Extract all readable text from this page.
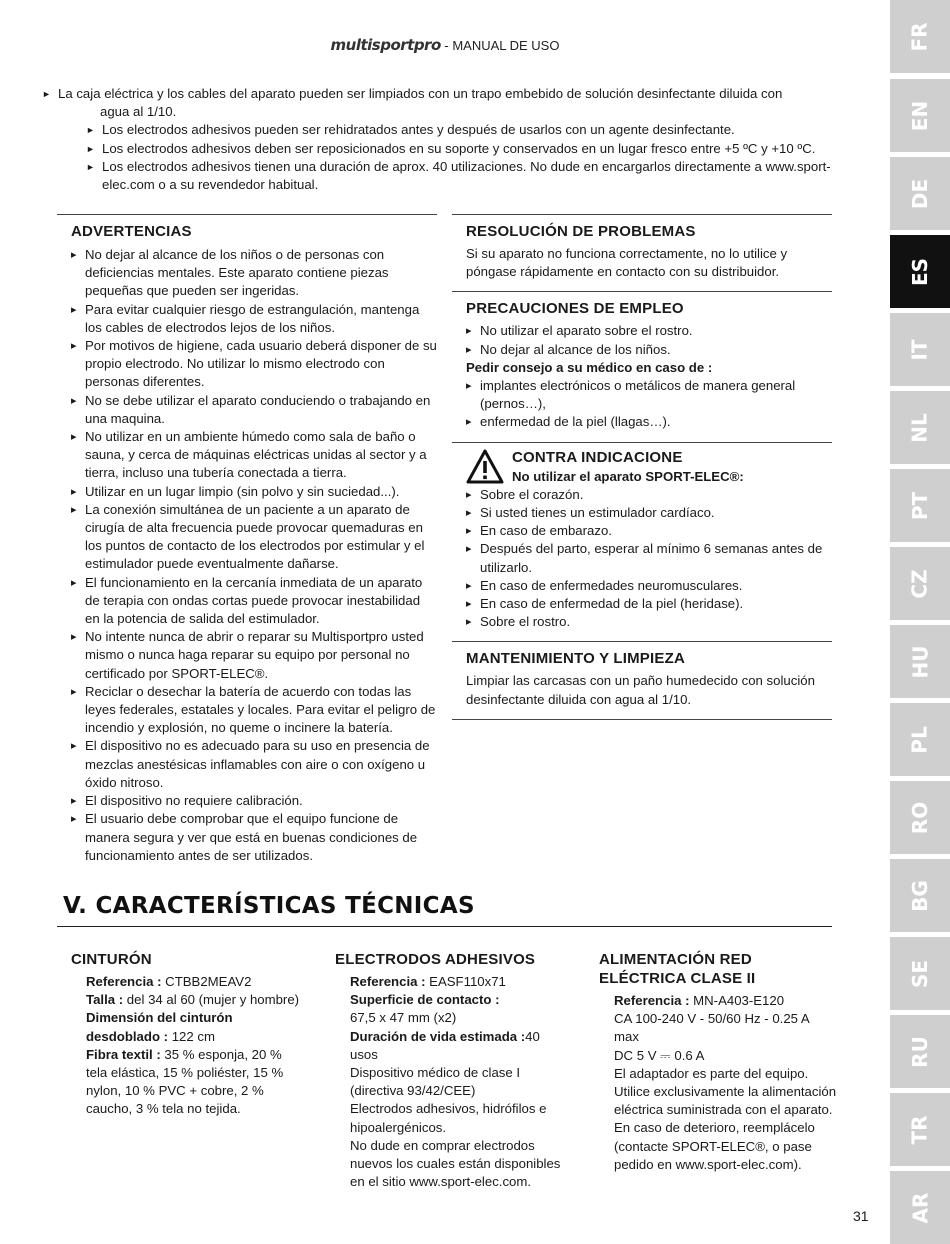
multisportpro - MANUAL DE USO	FR
EN
DE
ES
IT
NL
PT
CZ
HU
PL
RO
BG
SE
RU
TR
AR
► La caja eléctrica y los cables del aparato pueden ser limpiados con un trapo embebido de solución desinfectante diluida con
agua al 1/10.
► Los electrodos adhesivos pueden ser rehidratados antes y después de usarlos con un agente desinfectante.
► Los electrodos adhesivos deben ser reposicionados en su soporte y conservados en un lugar fresco entre +5 ºC y +10 ºC.
► Los electrodos adhesivos tienen una duración de aprox. 40 utilizaciones. No dude en encargarlos directamente a www.sport-elec.com o a su revendedor habitual.
ADVERTENCIAS
▸ No dejar al alcance de los niños o de personas con deficiencias mentales. Este aparato contiene piezas pequeñas que pueden ser ingeridas.
▸ Para evitar cualquier riesgo de estrangulación, mantenga los cables de electrodos lejos de los niños.
▸ Por motivos de higiene, cada usuario deberá disponer de su propio electrodo. No utilizar lo mismo electrodo con personas diferentes.
▸ No se debe utilizar el aparato conduciendo o trabajando en una maquina.
▸ No utilizar en un ambiente húmedo como sala de baño o sauna, y cerca de máquinas eléctricas unidas al sector y a tierra, incluso una tubería conectada a tierra.
▸ Utilizar en un lugar limpio (sin polvo y sin suciedad...).
▸ La conexión simultánea de un paciente a un aparato de cirugía de alta frecuencia puede provocar quemaduras en los puntos de contacto de los electrodos por estimular y el estimulador puede eventualmente dañarse.
▸ El funcionamiento en la cercanía inmediata de un aparato de terapia con ondas cortas puede provocar inestabilidad en la potencia de salida del estimulador.
▸ No intente nunca de abrir o reparar su Multisportpro usted mismo o nunca haga reparar su equipo por personal no certificado por SPORT-ELEC®.
▸ Reciclar o desechar la batería de acuerdo con todas las leyes federales, estatales y locales. Para evitar el peligro de incendio y explosión, no queme o incinere la batería.
▸ El dispositivo no es adecuado para su uso en presencia de mezclas anestésicas inflamables con aire o con oxígeno u óxido nitroso.
▸ El dispositivo no requiere calibración.
▸ El usuario debe comprobar que el equipo funcione de manera segura y ver que está en buenas condiciones de funcionamiento antes de ser utilizados.
RESOLUCIÓN DE PROBLEMAS

Si su aparato no funciona correctamente, no lo utilice y póngase rápidamente en contacto con su distribuidor.

PRECAUCIONES DE EMPLEO
▸ No utilizar el aparato sobre el rostro.
▸ No dejar al alcance de los niños.
Pedir consejo a su médico en caso de :
▸ implantes electrónicos o metálicos de manera general (pernos…),
▸ enfermedad de la piel (llagas…).
CONTRA INDICACIONE
No utilizar el aparato SPORT-ELEC®:
▸ Sobre el corazón.
▸ Si usted tienes un estimulador cardíaco.
▸ En caso de embarazo.
▸ Después del parto, esperar al mínimo 6 semanas antes de utilizarlo.
▸ En caso de enfermedades neuromusculares.
▸ En caso de enfermedad de la piel (heridase).
▸ Sobre el rostro.
MANTENIMIENTO Y LIMPIEZA

Limpiar las carcasas con un paño humedecido con solución desinfectante diluida con agua al 1/10.

V. CARACTERÍSTICAS TÉCNICAS
CINTURÓN
Referencia : CTBB2MEAV2
Talla : del 34 al 60 (mujer y hombre)
Dimensión del cinturón desdoblado : 122 cm
Fibra textil : 35 % esponja, 20 % tela elástica, 15 % poliéster, 15 % nylon, 10 % PVC + cobre, 2 % caucho, 3 % tela no tejida.
ELECTRODOS ADHESIVOS
Referencia : EASF110x71
Superficie de contacto :
67,5 x 47 mm (x2)
Duración de vida estimada :40 usos
Dispositivo médico de clase I (directiva 93/42/CEE)
Electrodos adhesivos, hidrófilos e hipoalergénicos.
No dude en comprar electrodos nuevos los cuales están disponibles en el sitio www.sport-elec.com.
ALIMENTACIÓN RED ELÉCTRICA CLASE II
Referencia : MN-A403-E120
CA 100-240 V - 50/60 Hz - 0.25 A max
DC 5 V ⎓ 0.6 A
El adaptador es parte del equipo. Utilice exclusivamente la alimentación eléctrica suministrada con el aparato.
En caso de deterioro, reemplácelo (contacte SPORT-ELEC®, o pase pedido en www.sport-elec.com).
31
